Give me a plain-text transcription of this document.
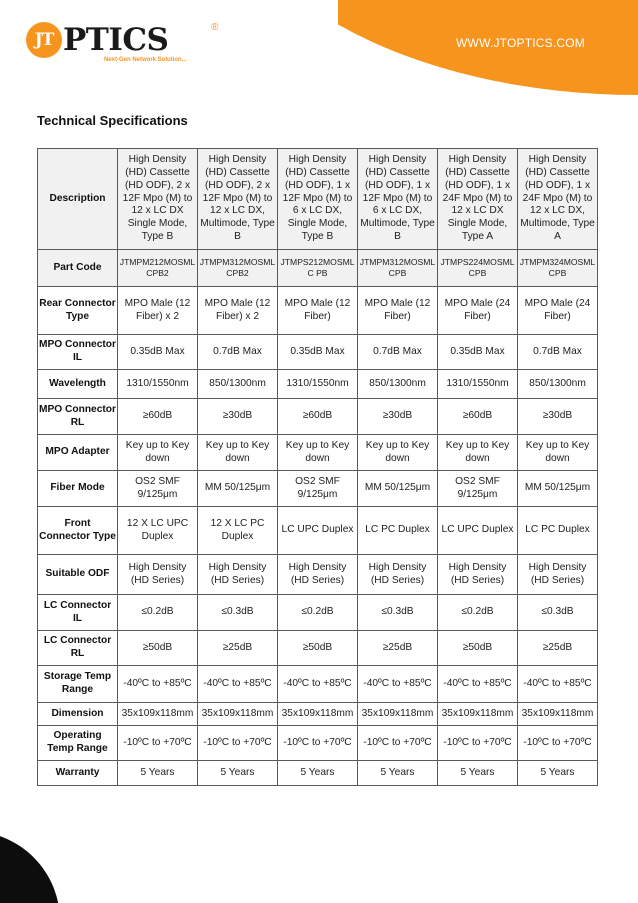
JT PTICS	®
Next-Gen Network Solution...
WWW.JTOPTICS.COM
Technical Specifications
Description	High Density (HD) Cassette (HD ODF), 2 x 12F Mpo (M) to 12 x LC DX Single Mode, Type B	High Density (HD) Cassette (HD ODF), 2 x 12F Mpo (M) to 12 x LC DX, Multimode, Type B	High Density (HD) Cassette (HD ODF), 1 x 12F Mpo (M) to 6 x LC DX, Single Mode, Type B	High Density (HD) Cassette (HD ODF), 1 x 12F Mpo (M) to 6 x LC DX, Multimode, Type B	High Density (HD) Cassette (HD ODF), 1 x 24F Mpo (M) to 12 x LC DX Single Mode, Type A	High Density (HD) Cassette (HD ODF), 1 x 24F Mpo (M) to 12 x LC DX, Multimode, Type A
Part Code	JTMPM212MOSML CPB2	JTMPM312MOSML CPB2	JTMPS212MOSMLC PB	JTMPM312MOSML CPB	JTMPS224MOSML CPB	JTMPM324MOSML CPB
Rear Connector Type	MPO Male (12 Fiber) x 2	MPO Male (12 Fiber) x 2	MPO Male (12 Fiber)	MPO Male (12 Fiber)	MPO Male (24 Fiber)	MPO Male (24 Fiber)
MPO Connector IL	0.35dB Max	0.7dB Max	0.35dB Max	0.7dB Max	0.35dB Max	0.7dB Max
Wavelength	1310/1550nm	850/1300nm	1310/1550nm	850/1300nm	1310/1550nm	850/1300nm
MPO Connector RL	≥60dB	≥30dB	≥60dB	≥30dB	≥60dB	≥30dB
MPO Adapter	Key up to Key down	Key up to Key down	Key up to Key down	Key up to Key down	Key up to Key down	Key up to Key down
Fiber Mode	OS2 SMF 9/125μm	MM 50/125μm	OS2 SMF 9/125μm	MM 50/125μm	OS2 SMF 9/125μm	MM 50/125μm
Front Connector Type	12 X LC UPC Duplex	12 X LC PC Duplex	LC UPC Duplex	LC PC Duplex	LC UPC Duplex	LC PC Duplex
Suitable ODF	High Density (HD Series)	High Density (HD Series)	High Density (HD Series)	High Density (HD Series)	High Density (HD Series)	High Density (HD Series)
LC Connector IL	≤0.2dB	≤0.3dB	≤0.2dB	≤0.3dB	≤0.2dB	≤0.3dB
LC Connector RL	≥50dB	≥25dB	≥50dB	≥25dB	≥50dB	≥25dB
Storage Temp Range	-40ºC to +85ºC	-40ºC to +85ºC	-40ºC to +85ºC	-40ºC to +85ºC	-40ºC to +85ºC	-40ºC to +85ºC
Dimension	35x109x118mm	35x109x118mm	35x109x118mm	35x109x118mm	35x109x118mm	35x109x118mm
Operating Temp Range	-10ºC to +70ºC	-10ºC to +70ºC	-10ºC to +70ºC	-10ºC to +70ºC	-10ºC to +70ºC	-10ºC to +70ºC
Warranty	5 Years	5 Years	5 Years	5 Years	5 Years	5 Years
